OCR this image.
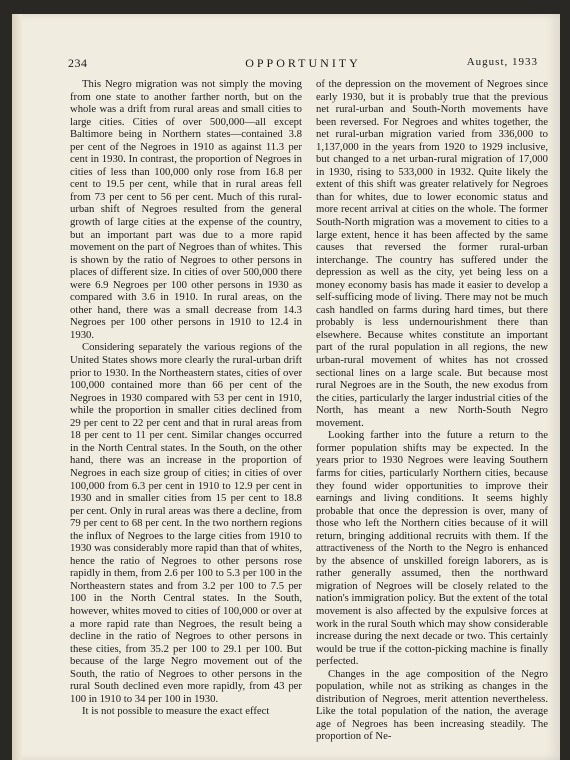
234	OPPORTUNITY	August, 1933

This Negro migration was not simply the moving from one state to another farther north, but on the whole was a drift from rural areas and small cities to large cities. Cities of over 500,000—all except Baltimore being in Northern states—contained 3.8 per cent of the Negroes in 1910 as against 11.3 per cent in 1930. In contrast, the proportion of Negroes in cities of less than 100,000 only rose from 16.8 per cent to 19.5 per cent, while that in rural areas fell from 73 per cent to 56 per cent. Much of this rural-urban shift of Negroes resulted from the general growth of large cities at the expense of the country, but an important part was due to a more rapid movement on the part of Negroes than of whites. This is shown by the ratio of Negroes to other persons in places of different size. In cities of over 500,000 there were 6.9 Negroes per 100 other persons in 1930 as compared with 3.6 in 1910. In rural areas, on the other hand, there was a small decrease from 14.3 Negroes per 100 other persons in 1910 to 12.4 in 1930.

Considering separately the various regions of the United States shows more clearly the rural-urban drift prior to 1930. In the Northeastern states, cities of over 100,000 contained more than 66 per cent of the Negroes in 1930 compared with 53 per cent in 1910, while the proportion in smaller cities declined from 29 per cent to 22 per cent and that in rural areas from 18 per cent to 11 per cent. Similar changes occurred in the North Central states. In the South, on the other hand, there was an increase in the proportion of Negroes in each size group of cities; in cities of over 100,000 from 6.3 per cent in 1910 to 12.9 per cent in 1930 and in smaller cities from 15 per cent to 18.8 per cent. Only in rural areas was there a decline, from 79 per cent to 68 per cent. In the two northern regions the influx of Negroes to the large cities from 1910 to 1930 was considerably more rapid than that of whites, hence the ratio of Negroes to other persons rose rapidly in them, from 2.6 per 100 to 5.3 per 100 in the Northeastern states and from 3.2 per 100 to 7.5 per 100 in the North Central states. In the South, however, whites moved to cities of 100,000 or over at a more rapid rate than Negroes, the result being a decline in the ratio of Negroes to other persons in these cities, from 35.2 per 100 to 29.1 per 100. But because of the large Negro movement out of the South, the ratio of Negroes to other persons in the rural South declined even more rapidly, from 43 per 100 in 1910 to 34 per 100 in 1930.

It is not possible to measure the exact effect

of the depression on the movement of Negroes since early 1930, but it is probably true that the previous net rural-urban and South-North movements have been reversed. For Negroes and whites together, the net rural-urban migration varied from 336,000 to 1,137,000 in the years from 1920 to 1929 inclusive, but changed to a net urban-rural migration of 17,000 in 1930, rising to 533,000 in 1932. Quite likely the extent of this shift was greater relatively for Negroes than for whites, due to lower economic status and more recent arrival at cities on the whole. The former South-North migration was a movement to cities to a large extent, hence it has been affected by the same causes that reversed the former rural-urban interchange. The country has suffered under the depression as well as the city, yet being less on a money economy basis has made it easier to develop a self-sufficing mode of living. There may not be much cash handled on farms during hard times, but there probably is less undernourishment there than elsewhere. Because whites constitute an important part of the rural population in all regions, the new urban-rural movement of whites has not crossed sectional lines on a large scale. But because most rural Negroes are in the South, the new exodus from the cities, particularly the larger industrial cities of the North, has meant a new North-South Negro movement.

Looking farther into the future a return to the former population shifts may be expected. In the years prior to 1930 Negroes were leaving Southern farms for cities, particularly Northern cities, because they found wider opportunities to improve their earnings and living conditions. It seems highly probable that once the depression is over, many of those who left the Northern cities because of it will return, bringing additional recruits with them. If the attractiveness of the North to the Negro is enhanced by the absence of unskilled foreign laborers, as is rather generally assumed, then the northward migration of Negroes will be closely related to the nation's immigration policy. But the extent of the total movement is also affected by the expulsive forces at work in the rural South which may show considerable increase during the next decade or two. This certainly would be true if the cotton-picking machine is finally perfected.

Changes in the age composition of the Negro population, while not as striking as changes in the distribution of Negroes, merit attention nevertheless. Like the total population of the nation, the average age of Negroes has been increasing steadily. The proportion of Ne-
